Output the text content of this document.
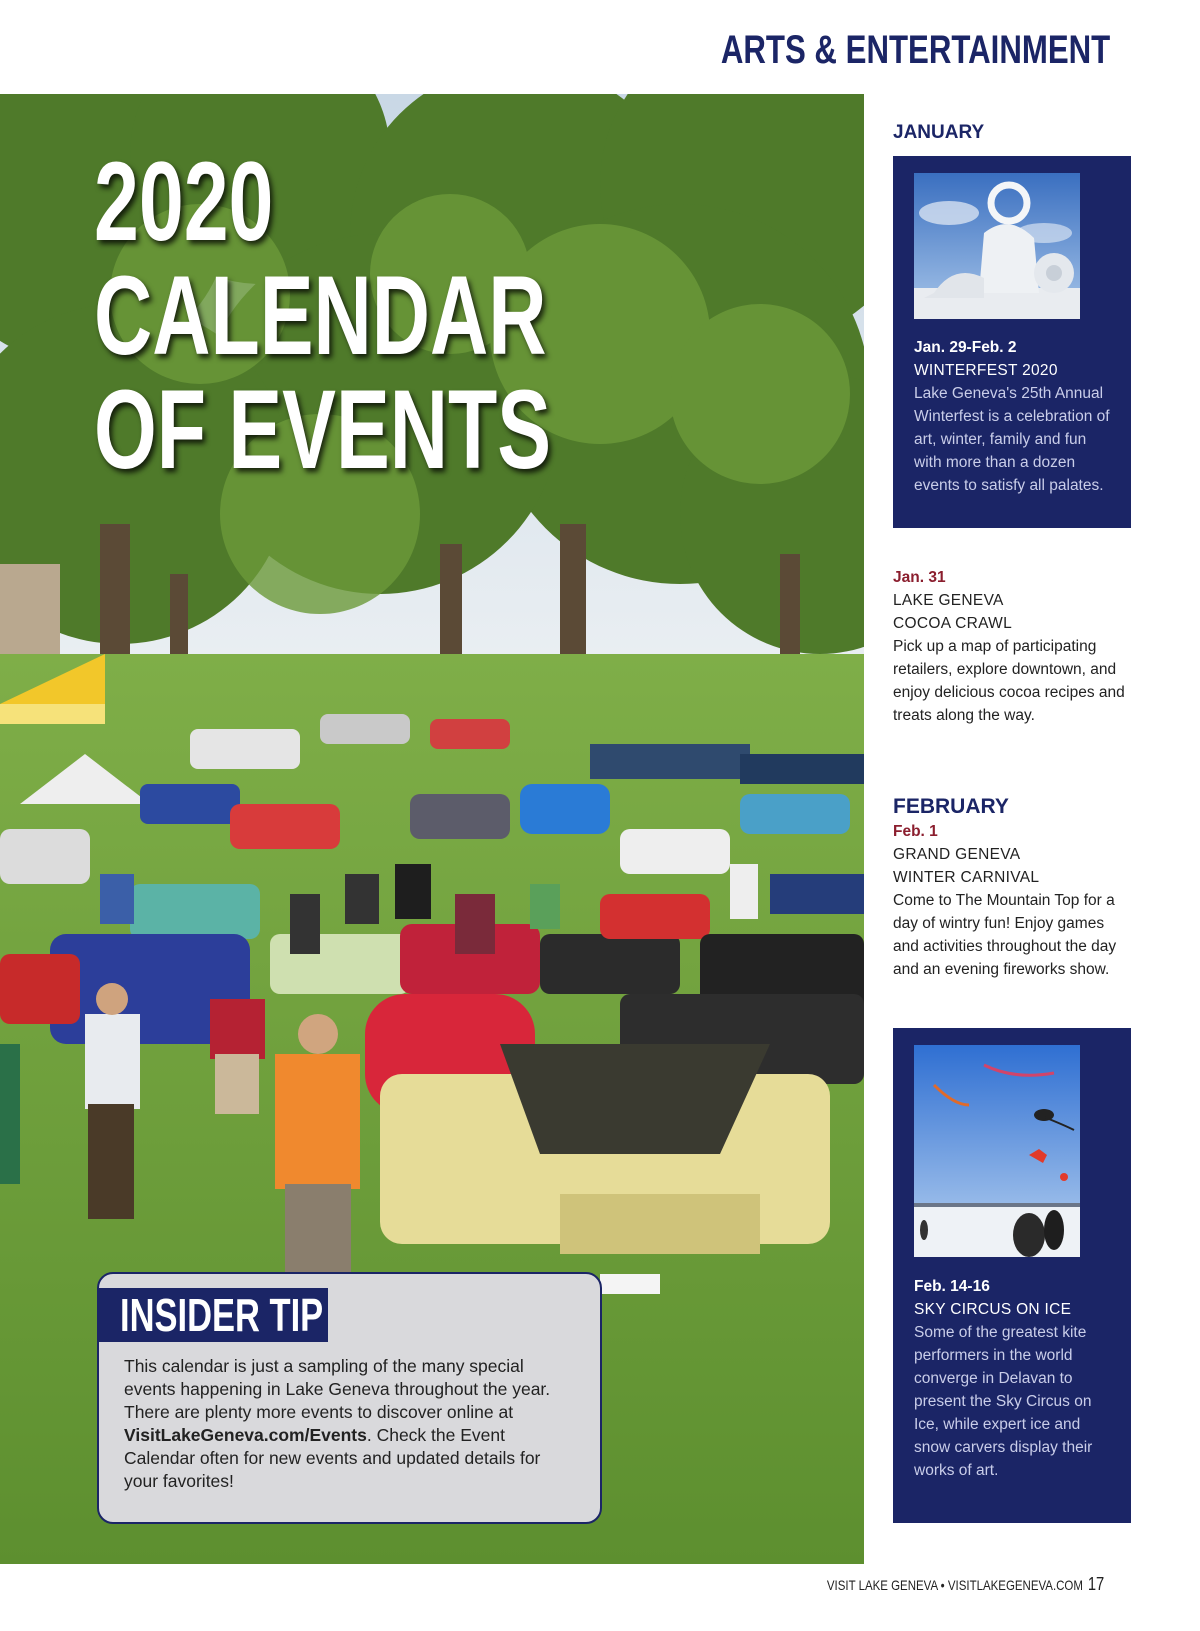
ARTS & ENTERTAINMENT
2020
CALENDAR
OF EVENTS
INSIDER TIP
This calendar is just a sampling of the many special events happening in Lake Geneva throughout the year. There are plenty more events to discover online at VisitLakeGeneva.com/Events. Check the Event Calendar often for new events and updated details for your favorites!
JANUARY
Jan. 29-Feb. 2
WINTERFEST 2020
Lake Geneva's 25th Annual Winterfest is a celebration of art, winter, family and fun with more than a dozen events to satisfy all palates.
Jan. 31
LAKE GENEVA
COCOA CRAWL
Pick up a map of participating retailers, explore downtown, and enjoy delicious cocoa recipes and treats along the way.
FEBRUARY
Feb. 1
GRAND GENEVA
WINTER CARNIVAL
Come to The Mountain Top for a day of wintry fun! Enjoy games and activities throughout the day and an evening fireworks show.
Feb. 14-16
SKY CIRCUS ON ICE
Some of the greatest kite performers in the world converge in Delavan to present the Sky Circus on Ice, while expert ice and snow carvers display their works of art.
VISIT LAKE GENEVA • VISITLAKEGENEVA.COM 17
